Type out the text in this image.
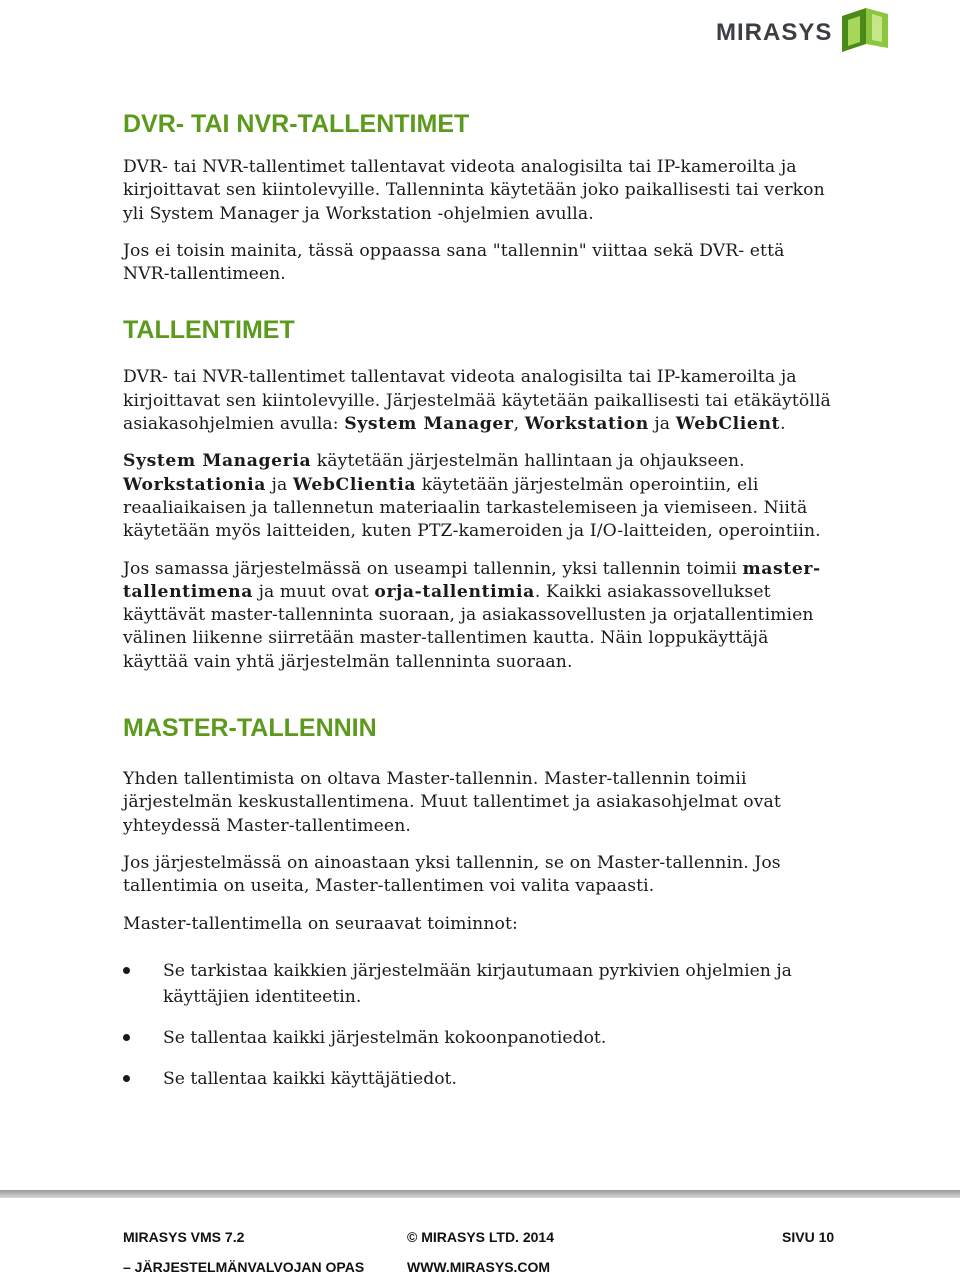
MIRASYS
DVR- TAI NVR-TALLENTIMET

DVR- tai NVR-tallentimet tallentavat videota analogisilta tai IP-kameroilta ja kirjoittavat sen kiintolevyille. Tallenninta käytetään joko paikallisesti tai verkon yli System Manager ja Workstation -ohjelmien avulla.

Jos ei toisin mainita, tässä oppaassa sana "tallennin" viittaa sekä DVR- että NVR-tallentimeen.

TALLENTIMET

DVR- tai NVR-tallentimet tallentavat videota analogisilta tai IP-kameroilta ja kirjoittavat sen kiintolevyille. Järjestelmää käytetään paikallisesti tai etäkäytöllä asiakasohjelmien avulla: System Manager, Workstation ja WebClient.

System Manageria käytetään järjestelmän hallintaan ja ohjaukseen.
Workstationia ja WebClientia käytetään järjestelmän operointiin, eli reaaliaikaisen ja tallennetun materiaalin tarkastelemiseen ja viemiseen. Niitä käytetään myös laitteiden, kuten PTZ-kameroiden ja I/O-laitteiden, operointiin.

Jos samassa järjestelmässä on useampi tallennin, yksi tallennin toimii master-tallentimena ja muut ovat orja-tallentimia. Kaikki asiakassovellukset käyttävät master-tallenninta suoraan, ja asiakassovellusten ja orjatallentimien välinen liikenne siirretään master-tallentimen kautta. Näin loppukäyttäjä käyttää vain yhtä järjestelmän tallenninta suoraan.

MASTER-TALLENNIN

Yhden tallentimista on oltava Master-tallennin. Master-tallennin toimii järjestelmän keskustallentimena. Muut tallentimet ja asiakasohjelmat ovat yhteydessä Master-tallentimeen.

Jos järjestelmässä on ainoastaan yksi tallennin, se on Master-tallennin. Jos tallentimia on useita, Master-tallentimen voi valita vapaasti.

Master-tallentimella on seuraavat toiminnot:

Se tarkistaa kaikkien järjestelmään kirjautumaan pyrkivien ohjelmien ja käyttäjien identiteetin.
Se tallentaa kaikki järjestelmän kokoonpanotiedot.
Se tallentaa kaikki käyttäjätiedot.
MIRASYS VMS 7.2
– JÄRJESTELMÄNVALVOJAN OPAS
© MIRASYS LTD. 2014
WWW.MIRASYS.COM
SIVU 10
